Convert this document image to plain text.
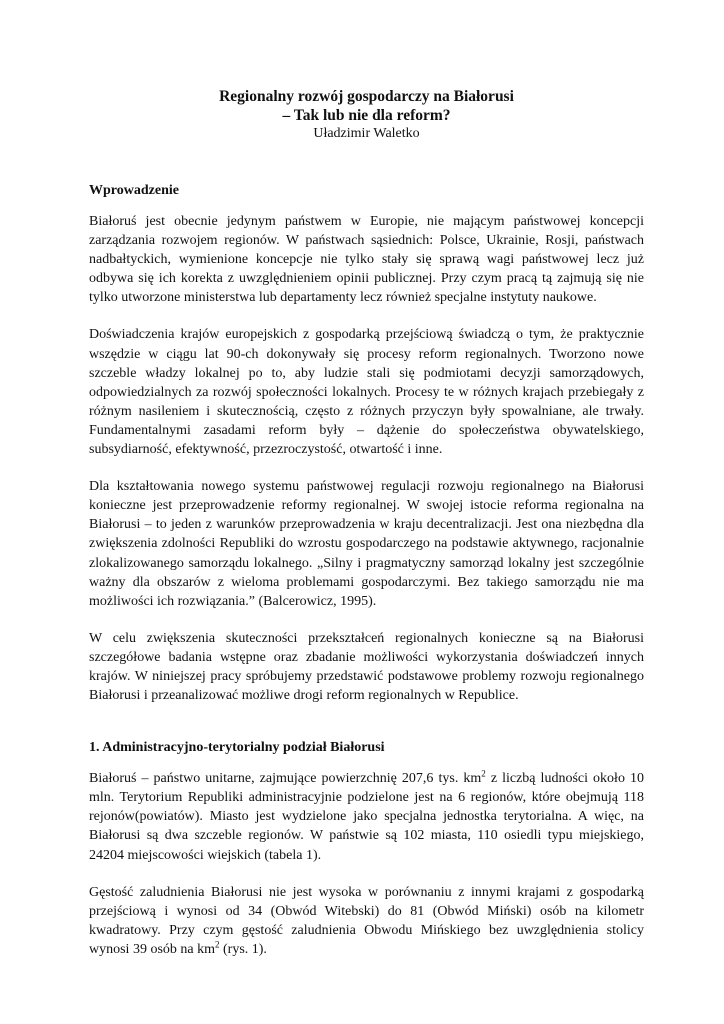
Regionalny rozwój gospodarczy na Białorusi

– Tak lub nie dla reform?

Uładzimir Waletko

Wprowadzenie

Białoruś jest obecnie jedynym państwem w Europie, nie mającym państwowej koncepcji zarządzania rozwojem regionów. W państwach sąsiednich: Polsce, Ukrainie, Rosji, państwach nadbałtyckich, wymienione koncepcje nie tylko stały się sprawą wagi państwowej lecz już odbywa się ich korekta z uwzględnieniem opinii publicznej. Przy czym pracą tą zajmują się nie tylko utworzone ministerstwa lub departamenty lecz również specjalne instytuty naukowe.

Doświadczenia krajów europejskich z gospodarką przejściową świadczą o tym, że praktycznie wszędzie w ciągu lat 90-ch dokonywały się procesy reform regionalnych. Tworzono nowe szczeble władzy lokalnej po to, aby ludzie stali się podmiotami decyzji samorządowych, odpowiedzialnych za rozwój społeczności lokalnych. Procesy te w różnych krajach przebiegały z różnym nasileniem i skutecznością, często z różnych przyczyn były spowalniane, ale trwały. Fundamentalnymi zasadami reform były – dążenie do społeczeństwa obywatelskiego, subsydiarność, efektywność, przezroczystość, otwartość i inne.

Dla kształtowania nowego systemu państwowej regulacji rozwoju regionalnego na Białorusi konieczne jest przeprowadzenie reformy regionalnej. W swojej istocie reforma regionalna na Białorusi – to jeden z warunków przeprowadzenia w kraju decentralizacji. Jest ona niezbędna dla zwiększenia zdolności Republiki do wzrostu gospodarczego na podstawie aktywnego, racjonalnie zlokalizowanego samorządu lokalnego. „Silny i pragmatyczny samorząd lokalny jest szczególnie ważny dla obszarów z wieloma problemami gospodarczymi. Bez takiego samorządu nie ma możliwości ich rozwiązania.” (Balcerowicz, 1995).

W celu zwiększenia skuteczności przekształceń regionalnych konieczne są na Białorusi szczegółowe badania wstępne oraz zbadanie możliwości wykorzystania doświadczeń innych krajów. W niniejszej pracy spróbujemy przedstawić podstawowe problemy rozwoju regionalnego Białorusi i przeanalizować możliwe drogi reform regionalnych w Republice.

1. Administracyjno-terytorialny podział Białorusi

Białoruś – państwo unitarne, zajmujące powierzchnię 207,6 tys. $km^2$ z liczbą ludności około 10 mln. Terytorium Republiki administracyjnie podzielone jest na 6 regionów, które obejmują 118 rejonów(powiatów). Miasto jest wydzielone jako specjalna jednostka terytorialna. A więc, na Białorusi są dwa szczeble regionów. W państwie są 102 miasta, 110 osiedli typu miejskiego, 24204 miejscowości wiejskich (tabela 1).

Gęstość zaludnienia Białorusi nie jest wysoka w porównaniu z innymi krajami z gospodarką przejściową i wynosi od 34 (Obwód Witebski) do 81 (Obwód Miński) osób na kilometr kwadratowy. Przy czym gęstość zaludnienia Obwodu Mińskiego bez uwzględnienia stolicy wynosi 39 osób na $km^2$ (rys. 1).
